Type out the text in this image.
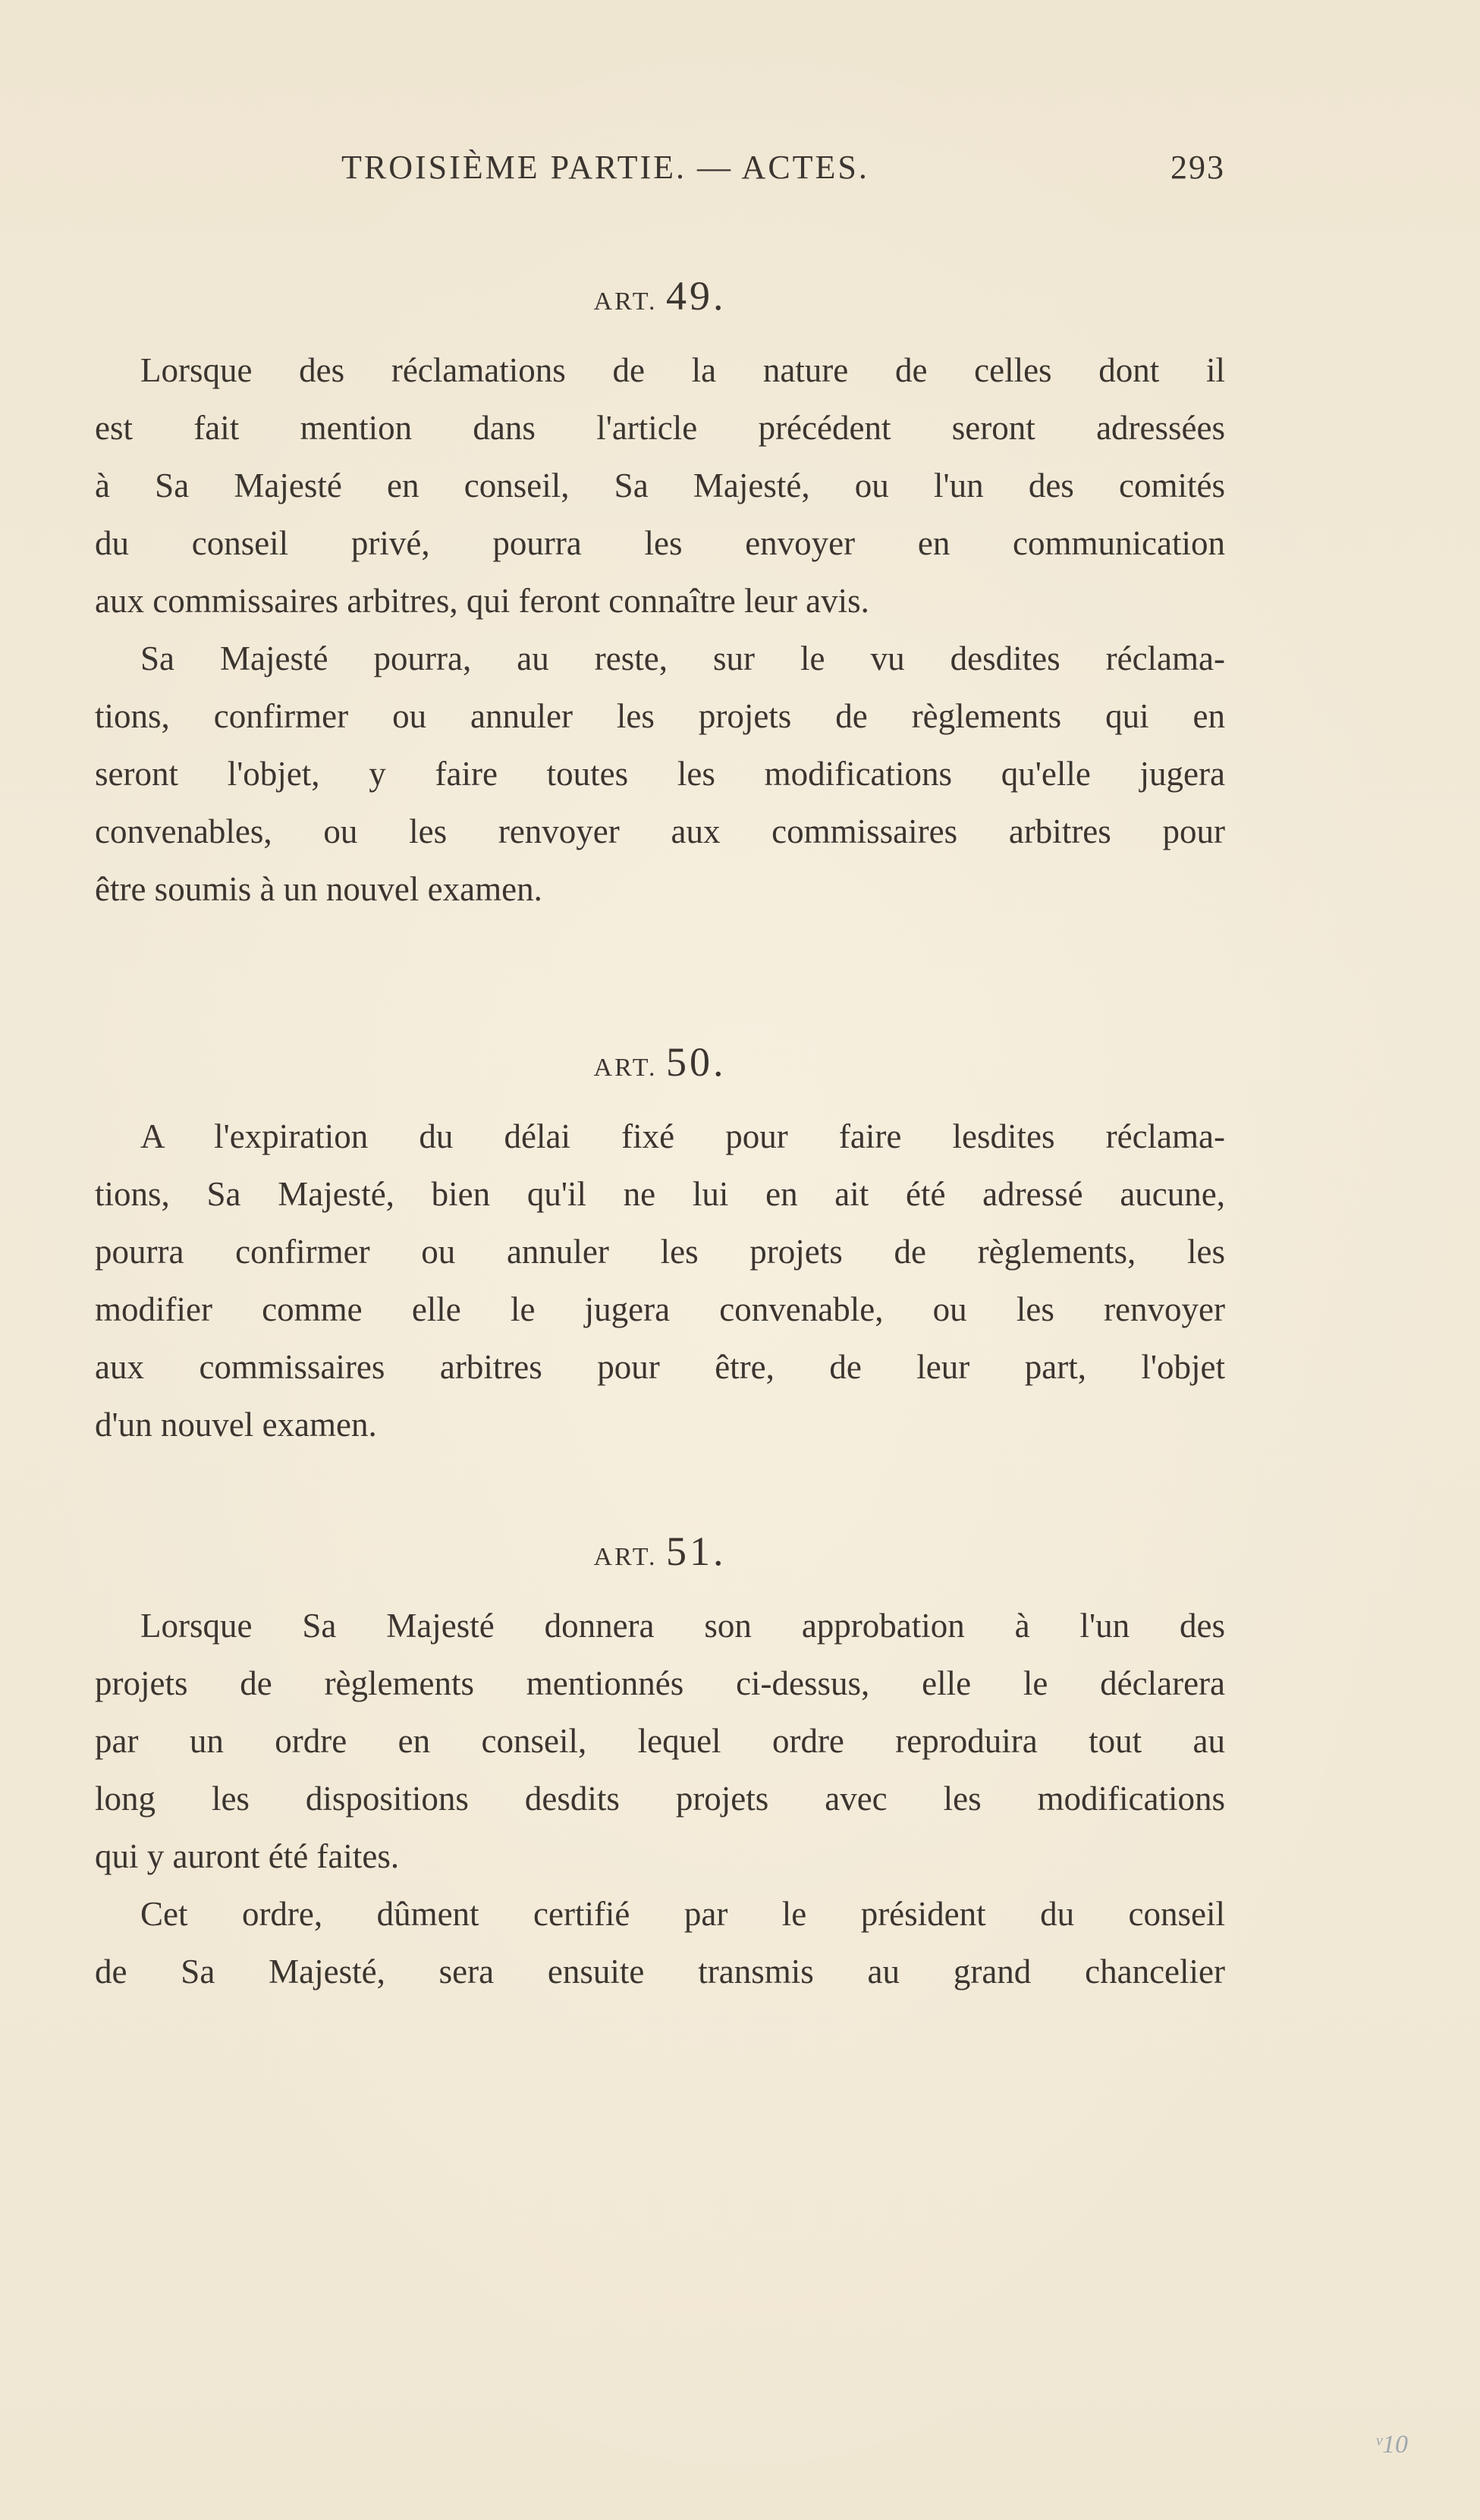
TROISIÈME PARTIE. — ACTES.	293
ART. 49.
Lorsque des réclamations de la nature de celles dont il
est fait mention dans l'article précédent seront adressées
à Sa Majesté en conseil, Sa Majesté, ou l'un des comités
du conseil privé, pourra les envoyer en communication
aux commissaires arbitres, qui feront connaître leur avis.
Sa Majesté pourra, au reste, sur le vu desdites réclama-
tions, confirmer ou annuler les projets de règlements qui en
seront l'objet, y faire toutes les modifications qu'elle jugera
convenables, ou les renvoyer aux commissaires arbitres pour
être soumis à un nouvel examen.
ART. 50.
A l'expiration du délai fixé pour faire lesdites réclama-
tions, Sa Majesté, bien qu'il ne lui en ait été adressé aucune,
pourra confirmer ou annuler les projets de règlements, les
modifier comme elle le jugera convenable, ou les renvoyer
aux commissaires arbitres pour être, de leur part, l'objet
d'un nouvel examen.
ART. 51.
Lorsque Sa Majesté donnera son approbation à l'un des
projets de règlements mentionnés ci-dessus, elle le déclarera
par un ordre en conseil, lequel ordre reproduira tout au
long les dispositions desdits projets avec les modifications
qui y auront été faites.
Cet ordre, dûment certifié par le président du conseil
de Sa Majesté, sera ensuite transmis au grand chancelier
ᵛ10
